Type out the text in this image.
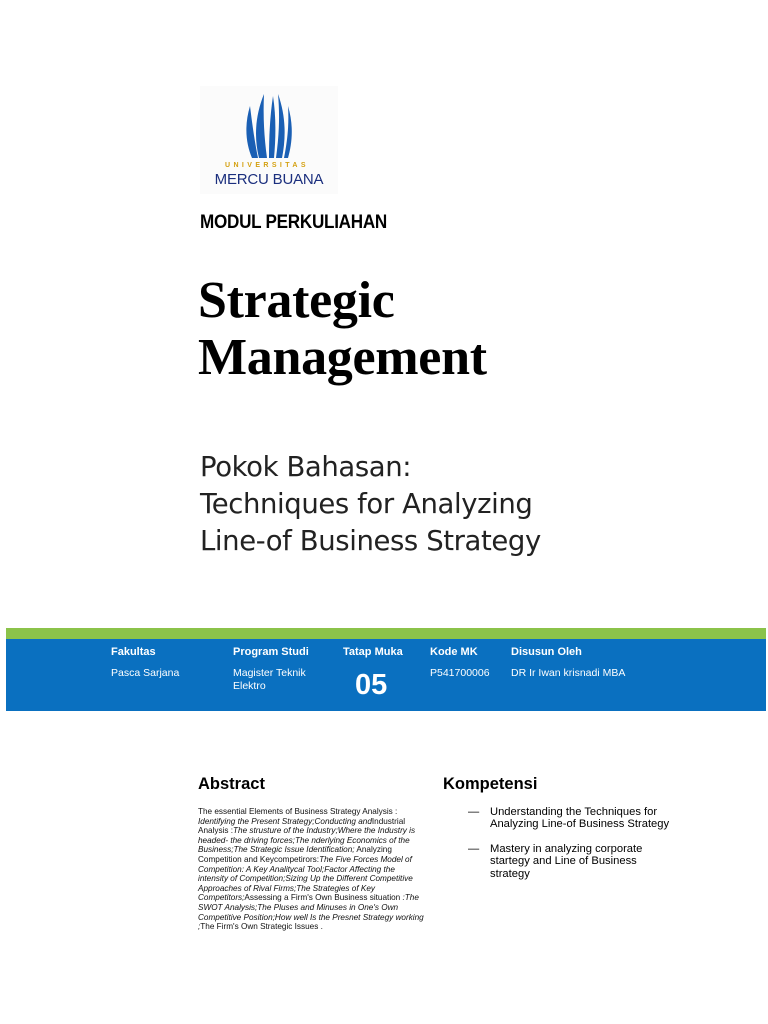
UNIVERSITAS
MERCU BUANA
MODUL PERKULIAHAN
Strategic
Management
Pokok Bahasan:
Techniques for Analyzing
Line-of Business Strategy
Fakultas
Pasca Sarjana
Program Studi
Magister Teknik
Elektro
Tatap Muka
05
Kode MK
P541700006
Disusun Oleh
DR Ir Iwan krisnadi MBA
Abstract
The essential Elements of Business Strategy Analysis : Identifying the Present Strategy;Conducting andIndustrial Analysis :The strusture of the Industry;Where the Industry is headed- the driving forces;The nderlying Economics of the Business;The Strategic Issue Identification; Analyzing Competition and Keycompetirors:The Five Forces Model of Competition: A Key Analitycal Tool;Factor Affecting the intensity of Competition;Sizing Up the Different Competitive Approaches of Rival Firms;The Strategies of Key Competitors;Assessing a Firm's Own Business situation :The SWOT Analysis;The Pluses and Minuses in One's Own Competitive Position;How well Is the Presnet Strategy working ;The Firm's Own Strategic Issues .
Kompetensi
— Understanding the Techniques for Analyzing Line-of Business Strategy
— Mastery in analyzing corporate startegy and Line of Business strategy
